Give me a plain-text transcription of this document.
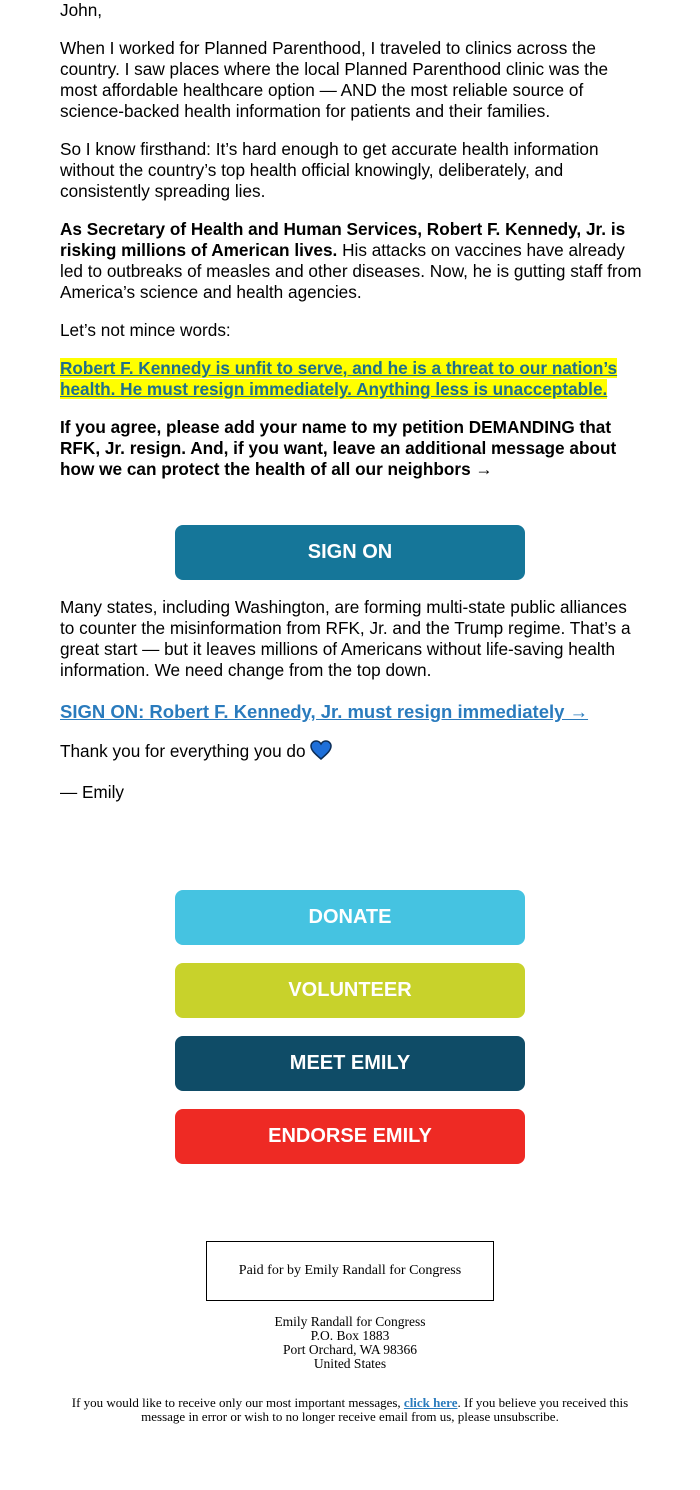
John,

When I worked for Planned Parenthood, I traveled to clinics across the country. I saw places where the local Planned Parenthood clinic was the most affordable healthcare option — AND the most reliable source of science-backed health information for patients and their families.

So I know firsthand: It’s hard enough to get accurate health information without the country’s top health official knowingly, deliberately, and consistently spreading lies.

As Secretary of Health and Human Services, Robert F. Kennedy, Jr. is risking millions of American lives. His attacks on vaccines have already led to outbreaks of measles and other diseases. Now, he is gutting staff from America’s science and health agencies.

Let’s not mince words:

Robert F. Kennedy is unfit to serve, and he is a threat to our nation’s health. He must resign immediately. Anything less is unacceptable.

If you agree, please add your name to my petition DEMANDING that RFK, Jr. resign. And, if you want, leave an additional message about how we can protect the health of all our neighbors →

SIGN ON

Many states, including Washington, are forming multi-state public alliances to counter the misinformation from RFK, Jr. and the Trump regime. That’s a great start — but it leaves millions of Americans without life-saving health information. We need change from the top down.

SIGN ON: Robert F. Kennedy, Jr. must resign immediately →

Thank you for everything you do

— Emily

DONATE
VOLUNTEER
MEET EMILY
ENDORSE EMILY
Paid for by Emily Randall for Congress
Emily Randall for Congress
P.O. Box 1883
Port Orchard, WA 98366
United States
If you would like to receive only our most important messages, click here. If you believe you received this message in error or wish to no longer receive email from us, please unsubscribe.
